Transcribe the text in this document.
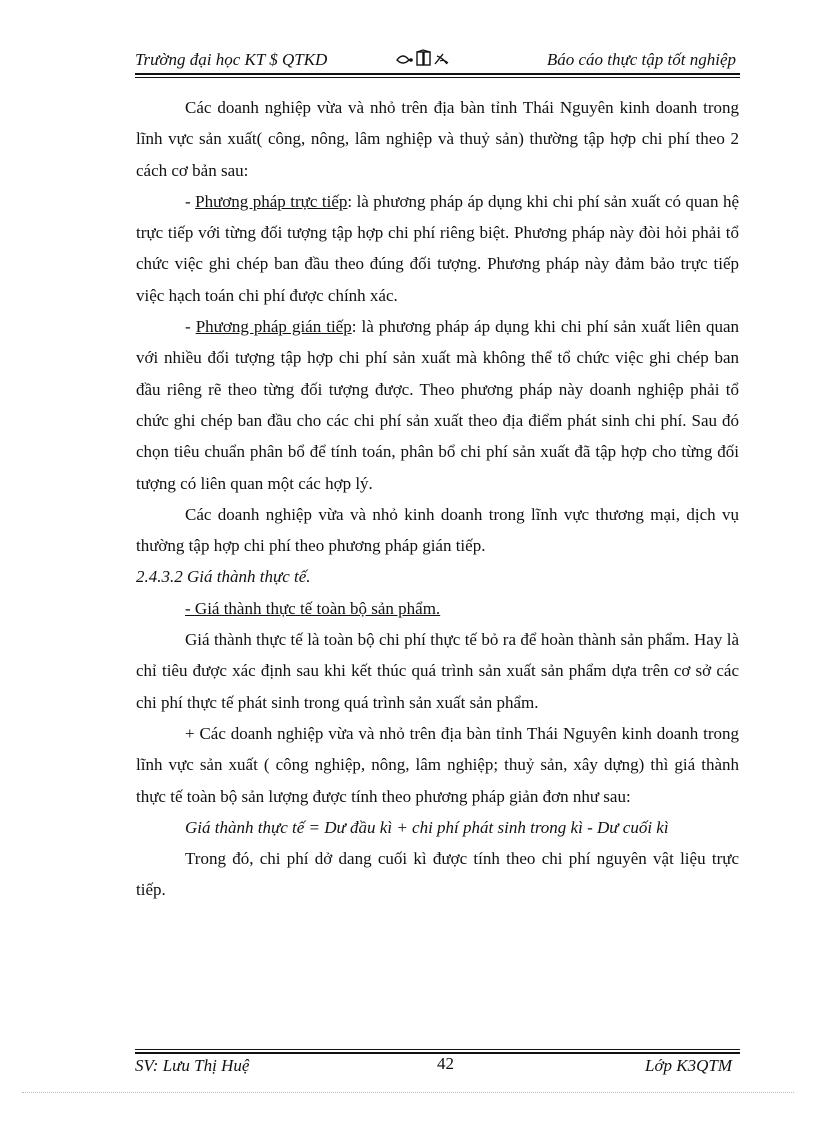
Trường đại học KT $ QTKD	Báo cáo thực tập tốt nghiệp

Các doanh nghiệp vừa và nhỏ trên địa bàn tỉnh Thái Nguyên kinh doanh trong lĩnh vực sản xuất( công, nông, lâm nghiệp và thuỷ sản) thường tập hợp chi phí theo 2 cách cơ bản sau:

- Phương pháp trực tiếp: là phương pháp áp dụng khi chi phí sản xuất có quan hệ trực tiếp với từng đối tượng tập hợp chi phí riêng biệt. Phương pháp này đòi hỏi phải tổ chức việc ghi chép ban đầu theo đúng đối tượng. Phương pháp này đảm bảo trực tiếp việc hạch toán chi phí được chính xác.

- Phương pháp gián tiếp: là phương pháp áp dụng khi chi phí sản xuất liên quan với nhiều đối tượng tập hợp chi phí sản xuất mà không thể tổ chức việc ghi chép ban đầu riêng rẽ theo từng đối tượng được. Theo phương pháp này doanh nghiệp phải tổ chức ghi chép ban đầu cho các chi phí sản xuất theo địa điểm phát sinh chi phí. Sau đó chọn tiêu chuẩn phân bổ để tính toán, phân bổ chi phí sản xuất đã tập hợp cho từng đối tượng có liên quan một các hợp lý.

Các doanh nghiệp vừa và nhỏ kinh doanh trong lĩnh vực thương mại, dịch vụ thường tập hợp chi phí theo phương pháp gián tiếp.

2.4.3.2 Giá thành thực tế.

- Giá thành thực tế toàn bộ sản phẩm.

Giá thành thực tế là toàn bộ chi phí thực tế bỏ ra để hoàn thành sản phẩm. Hay là chỉ tiêu được xác định sau khi kết thúc quá trình sản xuất sản phẩm dựa trên cơ sở các chi phí thực tế phát sinh trong quá trình sản xuất sản phẩm.

+ Các doanh nghiệp vừa và nhỏ trên địa bàn tỉnh Thái Nguyên kinh doanh trong lĩnh vực sản xuất ( công nghiệp, nông, lâm nghiệp; thuỷ sản, xây dựng) thì giá thành thực tế toàn bộ sản lượng được tính theo phương pháp giản đơn như sau:

Giá thành thực tế = Dư đầu kì + chi phí phát sinh trong kì - Dư cuối kì

Trong đó, chi phí dở dang cuối kì được tính theo chi phí nguyên vật liệu trực tiếp.

SV: Lưu Thị Huệ	42	Lớp K3QTM
